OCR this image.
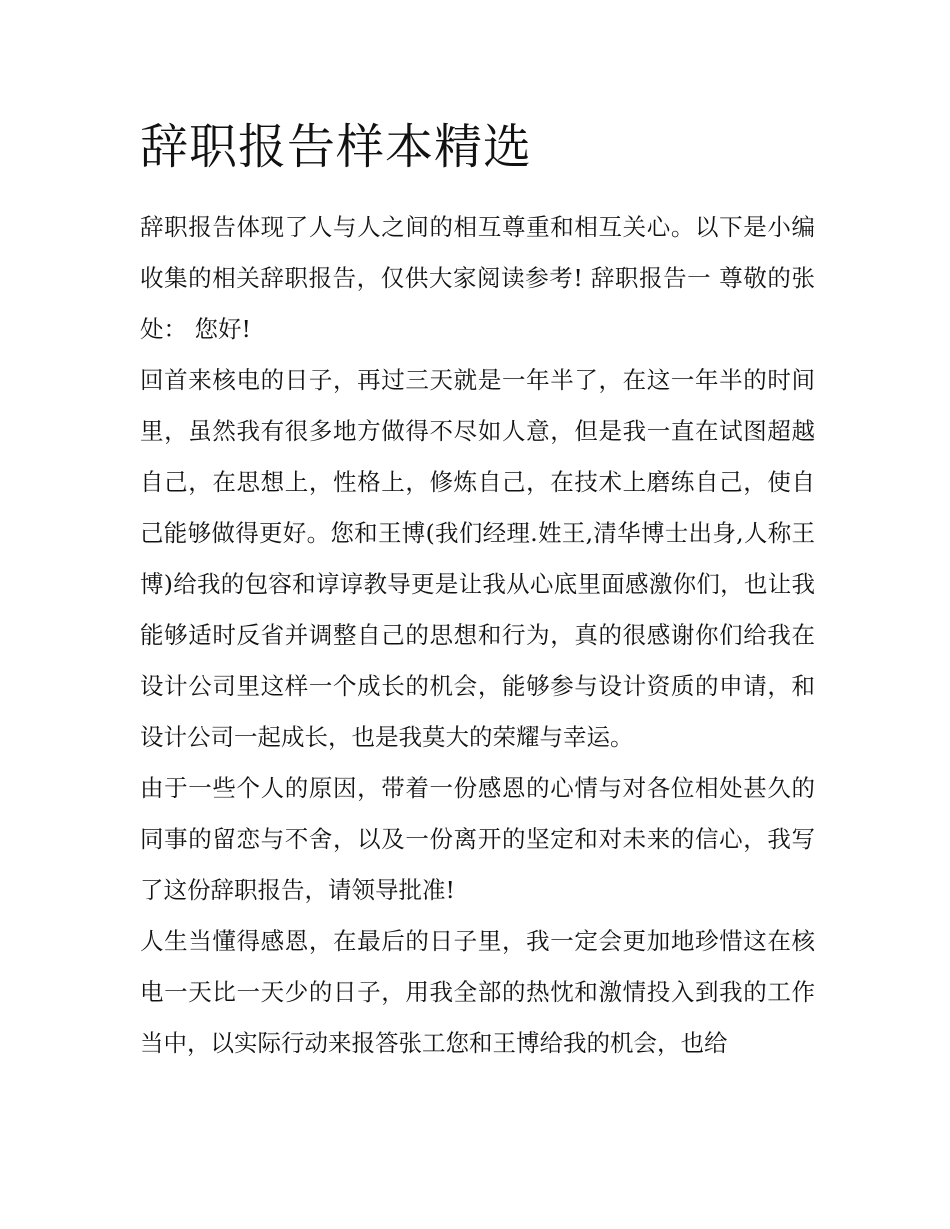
辞职报告样本精选

辞职报告体现了人与人之间的相互尊重和相互关心。以下是小编收集的相关辞职报告，仅供大家阅读参考! 辞职报告一 尊敬的张处： 您好!

回首来核电的日子，再过三天就是一年半了，在这一年半的时间里，虽然我有很多地方做得不尽如人意，但是我一直在试图超越自己，在思想上，性格上，修炼自己，在技术上磨练自己，使自己能够做得更好。您和王博(我们经理.姓王,清华博士出身,人称王博)给我的包容和谆谆教导更是让我从心底里面感激你们，也让我能够适时反省并调整自己的思想和行为，真的很感谢你们给我在设计公司里这样一个成长的机会，能够参与设计资质的申请，和设计公司一起成长，也是我莫大的荣耀与幸运。

由于一些个人的原因，带着一份感恩的心情与对各位相处甚久的同事的留恋与不舍，以及一份离开的坚定和对未来的信心，我写了这份辞职报告，请领导批准!

人生当懂得感恩，在最后的日子里，我一定会更加地珍惜这在核电一天比一天少的日子，用我全部的热忱和激情投入到我的工作当中，以实际行动来报答张工您和王博给我的机会，也给
